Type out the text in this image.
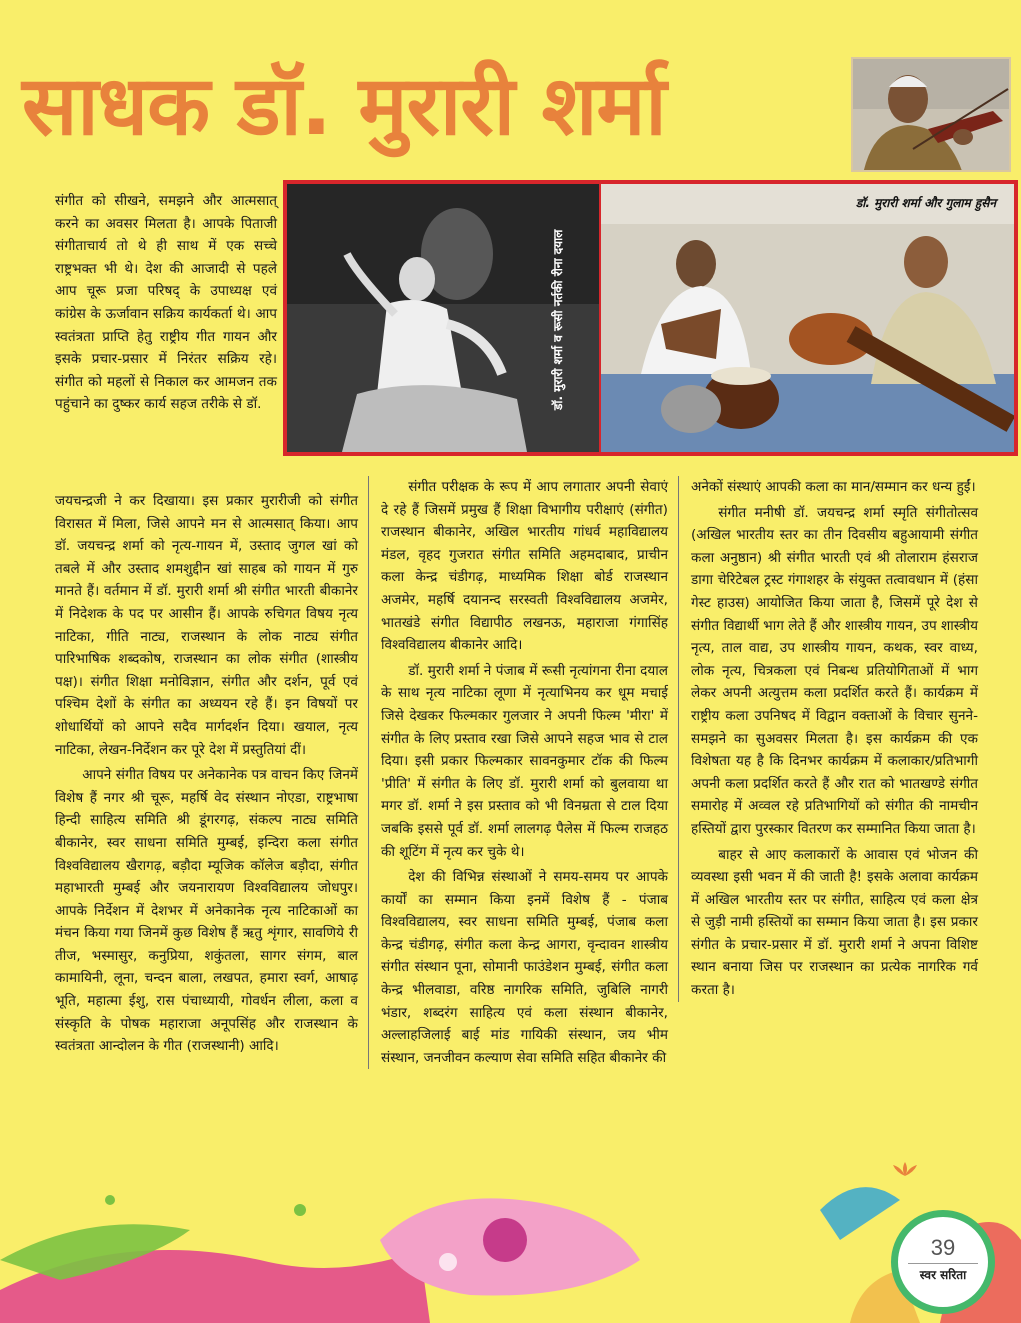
साधक डॉ. मुरारी शर्मा
डॉ. मुरारी शर्मा व रूसी नर्तकी रीना दयाल
डॉ. मुरारी शर्मा और गुलाम हुसैन

संगीत को सीखने, समझने और आत्मसात् करने का अवसर मिलता है। आपके पिताजी संगीताचार्य तो थे ही साथ में एक सच्चे राष्ट्रभक्त भी थे। देश की आजादी से पहले आप चूरू प्रजा परिषद् के उपाध्यक्ष एवं कांग्रेस के ऊर्जावान सक्रिय कार्यकर्ता थे। आप स्वतंत्रता प्राप्ति हेतु राष्ट्रीय गीत गायन और इसके प्रचार-प्रसार में निरंतर सक्रिय रहे। संगीत को महलों से निकाल कर आमजन तक पहुंचाने का दुष्कर कार्य सहज तरीके से डॉ.

जयचन्द्रजी ने कर दिखाया। इस प्रकार मुरारीजी को संगीत विरासत में मिला, जिसे आपने मन से आत्मसात् किया। आप डॉ. जयचन्द्र शर्मा को नृत्य-गायन में, उस्ताद जुगल खां को तबले में और उस्ताद शमशुद्दीन खां साहब को गायन में गुरु मानते हैं। वर्तमान में डॉ. मुरारी शर्मा श्री संगीत भारती बीकानेर में निदेशक के पद पर आसीन हैं। आपके रुचिगत विषय नृत्य नाटिका, गीति नाट्य, राजस्थान के लोक नाट्य संगीत पारिभाषिक शब्दकोष, राजस्थान का लोक संगीत (शास्त्रीय पक्ष)। संगीत शिक्षा मनोविज्ञान, संगीत और दर्शन, पूर्व एवं पश्चिम देशों के संगीत का अध्ययन रहे हैं। इन विषयों पर शोधार्थियों को आपने सदैव मार्गदर्शन दिया। खयाल, नृत्य नाटिका, लेखन-निर्देशन कर पूरे देश में प्रस्तुतियां दीं।

आपने संगीत विषय पर अनेकानेक पत्र वाचन किए जिनमें विशेष हैं नगर श्री चूरू, महर्षि वेद संस्थान नोएडा, राष्ट्रभाषा हिन्दी साहित्य समिति श्री डूंगरगढ़, संकल्प नाट्य समिति बीकानेर, स्वर साधना समिति मुम्बई, इन्दिरा कला संगीत विश्वविद्यालय खैरागढ़, बड़ौदा म्यूजिक कॉलेज बड़ौदा, संगीत महाभारती मुम्बई और जयनारायण विश्वविद्यालय जोधपुर। आपके निर्देशन में देशभर में अनेकानेक नृत्य नाटिकाओं का मंचन किया गया जिनमें कुछ विशेष हैं ऋतु शृंगार, सावणिये री तीज, भस्मासुर, कनुप्रिया, शकुंतला, सागर संगम, बाल कामायिनी, लूना, चन्दन बाला, लखपत, हमारा स्वर्ग, आषाढ़ भूति, महात्मा ईशु, रास पंचाध्यायी, गोवर्धन लीला, कला व संस्कृति के पोषक महाराजा अनूपसिंह और राजस्थान के स्वतंत्रता आन्दोलन के गीत (राजस्थानी) आदि।

संगीत परीक्षक के रूप में आप लगातार अपनी सेवाएं दे रहे हैं जिसमें प्रमुख हैं शिक्षा विभागीय परीक्षाएं (संगीत) राजस्थान बीकानेर, अखिल भारतीय गांधर्व महाविद्यालय मंडल, वृहद गुजरात संगीत समिति अहमदाबाद, प्राचीन कला केन्द्र चंडीगढ़, माध्यमिक शिक्षा बोर्ड राजस्थान अजमेर, महर्षि दयानन्द सरस्वती विश्वविद्यालय अजमेर, भातखंडे संगीत विद्यापीठ लखनऊ, महाराजा गंगासिंह विश्वविद्यालय बीकानेर आदि।

डॉ. मुरारी शर्मा ने पंजाब में रूसी नृत्यांगना रीना दयाल के साथ नृत्य नाटिका लूणा में नृत्याभिनय कर धूम मचाई जिसे देखकर फिल्मकार गुलजार ने अपनी फिल्म 'मीरा' में संगीत के लिए प्रस्ताव रखा जिसे आपने सहज भाव से टाल दिया। इसी प्रकार फिल्मकार सावनकुमार टॉक की फिल्म 'प्रीति' में संगीत के लिए डॉ. मुरारी शर्मा को बुलवाया था मगर डॉ. शर्मा ने इस प्रस्ताव को भी विनम्रता से टाल दिया जबकि इससे पूर्व डॉ. शर्मा लालगढ़ पैलेस में फिल्म राजहठ की शूटिंग में नृत्य कर चुके थे।

देश की विभिन्न संस्थाओं ने समय-समय पर आपके कार्यों का सम्मान किया इनमें विशेष हैं - पंजाब विश्वविद्यालय, स्वर साधना समिति मुम्बई, पंजाब कला केन्द्र चंडीगढ़, संगीत कला केन्द्र आगरा, वृन्दावन शास्त्रीय संगीत संस्थान पूना, सोमानी फाउंडेशन मुम्बई, संगीत कला केन्द्र भीलवाडा, वरिष्ठ नागरिक समिति, जुबिलि नागरी भंडार, शब्दरंग साहित्य एवं कला संस्थान बीकानेर, अल्लाहजिलाई बाई मांड गायिकी संस्थान, जय भीम संस्थान, जनजीवन कल्याण सेवा समिति सहित बीकानेर की

अनेकों संस्थाएं आपकी कला का मान/सम्मान कर धन्य हुईं।

संगीत मनीषी डॉ. जयचन्द्र शर्मा स्मृति संगीतोत्सव (अखिल भारतीय स्तर का तीन दिवसीय बहुआयामी संगीत कला अनुष्ठान) श्री संगीत भारती एवं श्री तोलाराम हंसराज डागा चेरिटेबल ट्रस्ट गंगाशहर के संयुक्त तत्वावधान में (हंसा गेस्ट हाउस) आयोजित किया जाता है, जिसमें पूरे देश से संगीत विद्यार्थी भाग लेते हैं और शास्त्रीय गायन, उप शास्त्रीय नृत्य, ताल वाद्य, उप शास्त्रीय गायन, कथक, स्वर वाध्य, लोक नृत्य, चित्रकला एवं निबन्ध प्रतियोगिताओं में भाग लेकर अपनी अत्युत्तम कला प्रदर्शित करते हैं। कार्यक्रम में राष्ट्रीय कला उपनिषद में विद्वान वक्ताओं के विचार सुनने-समझने का सुअवसर मिलता है। इस कार्यक्रम की एक विशेषता यह है कि दिनभर कार्यक्रम में कलाकार/प्रतिभागी अपनी कला प्रदर्शित करते हैं और रात को भातखण्डे संगीत समारोह में अव्वल रहे प्रतिभागियों को संगीत की नामचीन हस्तियों द्वारा पुरस्कार वितरण कर सम्मानित किया जाता है।

बाहर से आए कलाकारों के आवास एवं भोजन की व्यवस्था इसी भवन में की जाती है! इसके अलावा कार्यक्रम में अखिल भारतीय स्तर पर संगीत, साहित्य एवं कला क्षेत्र से जुड़ी नामी हस्तियों का सम्मान किया जाता है। इस प्रकार संगीत के प्रचार-प्रसार में डॉ. मुरारी शर्मा ने अपना विशिष्ट स्थान बनाया जिस पर राजस्थान का प्रत्येक नागरिक गर्व करता है।

39
स्वर सरिता
